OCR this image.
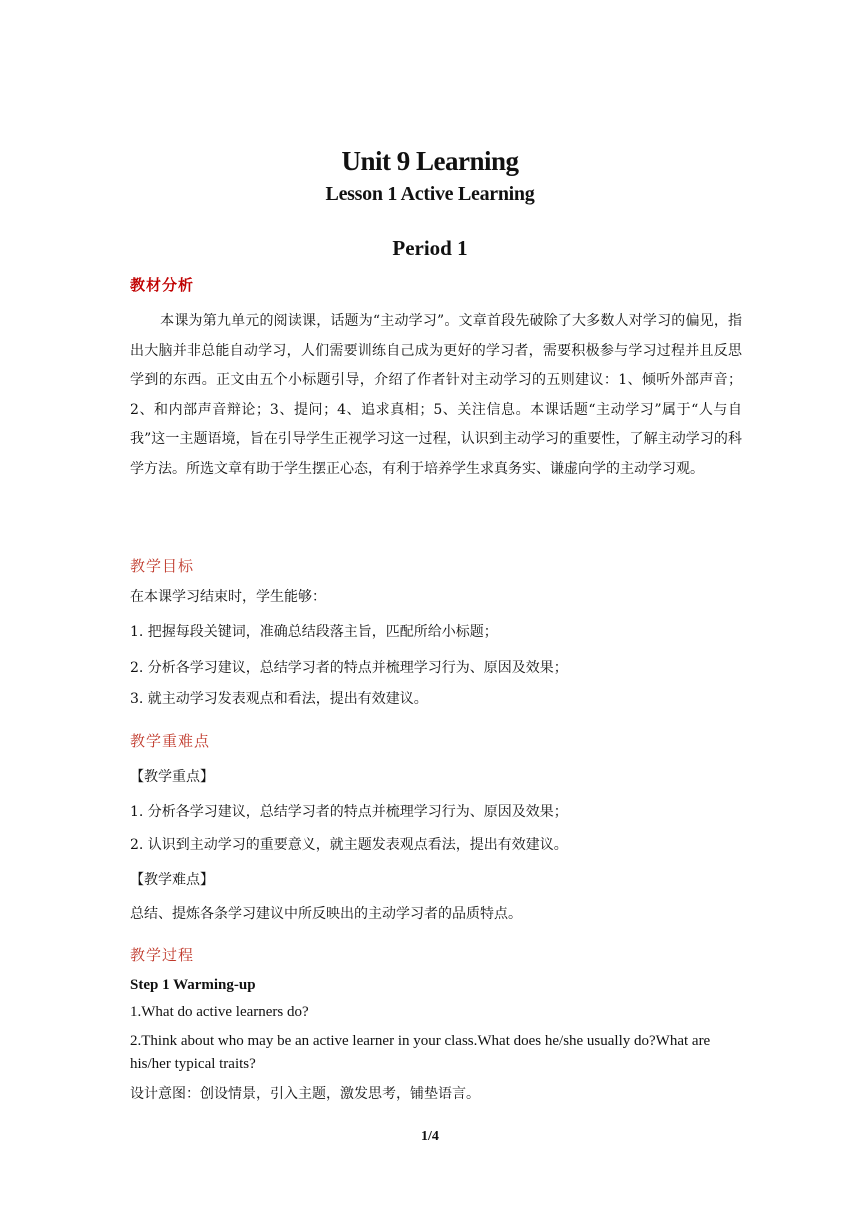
Unit 9 Learning
Lesson 1 Active Learning
Period 1
教材分析
本课为第九单元的阅读课，话题为“主动学习”。文章首段先破除了大多数人对学习的偏见，指出大脑并非总能自动学习，人们需要训练自己成为更好的学习者，需要积极参与学习过程并且反思学到的东西。正文由五个小标题引导，介绍了作者针对主动学习的五则建议：1、倾听外部声音；2、和内部声音辩论；3、提问；4、追求真相；5、关注信息。本课话题“主动学习”属于“人与自我”这一主题语境，旨在引导学生正视学习这一过程，认识到主动学习的重要性，了解主动学习的科学方法。所选文章有助于学生摆正心态，有利于培养学生求真务实、谦虚向学的主动学习观。
教学目标
在本课学习结束时，学生能够：
1. 把握每段关键词，准确总结段落主旨，匹配所给小标题；
2. 分析各学习建议，总结学习者的特点并梳理学习行为、原因及效果；
3. 就主动学习发表观点和看法，提出有效建议。
教学重难点
【教学重点】
1. 分析各学习建议，总结学习者的特点并梳理学习行为、原因及效果；
2. 认识到主动学习的重要意义，就主题发表观点看法，提出有效建议。
【教学难点】
总结、提炼各条学习建议中所反映出的主动学习者的品质特点。
教学过程
Step 1 Warming-up
1.What do active learners do?
2.Think about who may be an active learner in your class.What does he/she usually do?What are his/her typical traits?
设计意图：创设情景，引入主题，激发思考，铺垫语言。
1/4
